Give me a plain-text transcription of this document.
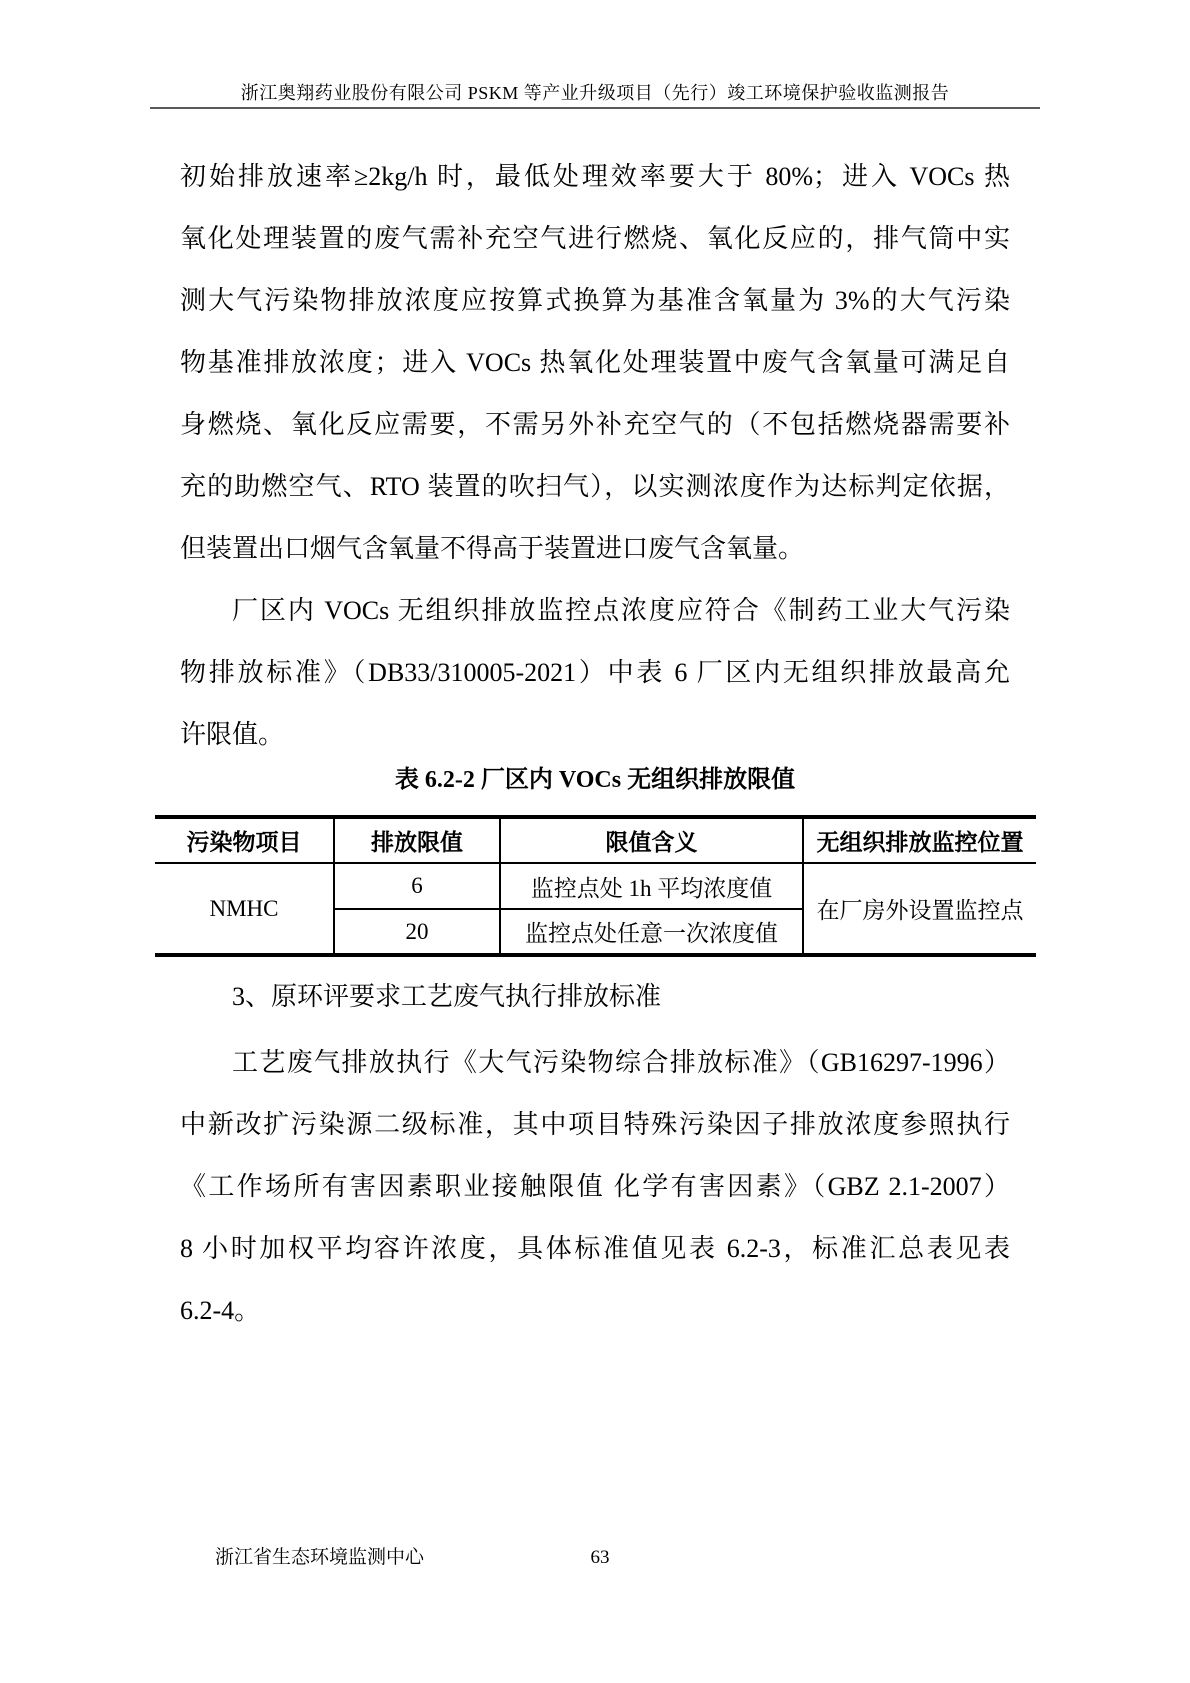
浙江奥翔药业股份有限公司 PSKM 等产业升级项目（先行）竣工环境保护验收监测报告
初始排放速率≥2kg/h 时，最低处理效率要大于 80%；进入 VOCs 热
氧化处理装置的废气需补充空气进行燃烧、氧化反应的，排气筒中实
测大气污染物排放浓度应按算式换算为基准含氧量为 3%的大气污染
物基准排放浓度；进入 VOCs 热氧化处理装置中废气含氧量可满足自
身燃烧、氧化反应需要，不需另外补充空气的（不包括燃烧器需要补
充的助燃空气、RTO 装置的吹扫气），以实测浓度作为达标判定依据，
但装置出口烟气含氧量不得高于装置进口废气含氧量。
厂区内 VOCs 无组织排放监控点浓度应符合《制药工业大气污染
物排放标准》（DB33/310005-2021）中表 6 厂区内无组织排放最高允
许限值。
表 6.2-2 厂区内 VOCs 无组织排放限值
污染物项目	排放限值	限值含义	无组织排放监控位置
NMHC	6	监控点处 1h 平均浓度值	在厂房外设置监控点
	20	监控点处任意一次浓度值	
3、原环评要求工艺废气执行排放标准
工艺废气排放执行《大气污染物综合排放标准》（GB16297-1996）
中新改扩污染源二级标准，其中项目特殊污染因子排放浓度参照执行
《工作场所有害因素职业接触限值 化学有害因素》（GBZ 2.1-2007）
8 小时加权平均容许浓度，具体标准值见表 6.2-3，标准汇总表见表
6.2-4。
浙江省生态环境监测中心	63
